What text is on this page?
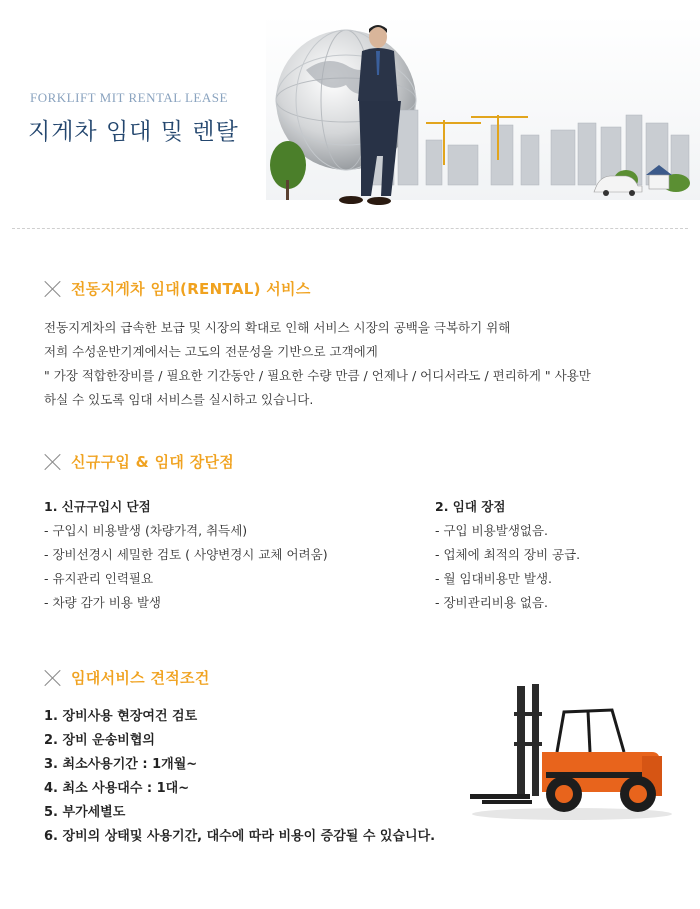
FORKLIFT MIT RENTAL LEASE
지게차 임대 및 렌탈
전동지게차 임대(RENTAL) 서비스
전동지게차의 급속한 보급 및 시장의 확대로 인해 서비스 시장의 공백을 극복하기 위해
저희 수성운반기계에서는 고도의 전문성을 기반으로 고객에게
" 가장 적합한장비를 / 필요한 기간동안 / 필요한 수량 만큼 / 언제나 / 어디서라도 / 편리하게 " 사용만
하실 수 있도록 임대 서비스를 실시하고 있습니다.
신규구입 & 임대 장단점
1. 신규구입시 단점
- 구입시 비용발생 (차량가격, 취득세)
- 장비선경시 세밀한 검토 ( 사양변경시 교체 어려움)
- 유지관리 인력필요
- 차량 감가 비용 발생
2. 임대 장점
- 구입 비용발생없음.
- 업체에 최적의 장비 공급.
- 월 임대비용만 발생.
- 장비관리비용 없음.
임대서비스 견적조건
1. 장비사용 현장여건 검토
2. 장비 운송비협의
3. 최소사용기간 : 1개월~
4. 최소 사용대수 : 1대~
5. 부가세별도
6. 장비의 상태및 사용기간, 대수에 따라 비용이 증감될 수 있습니다.
